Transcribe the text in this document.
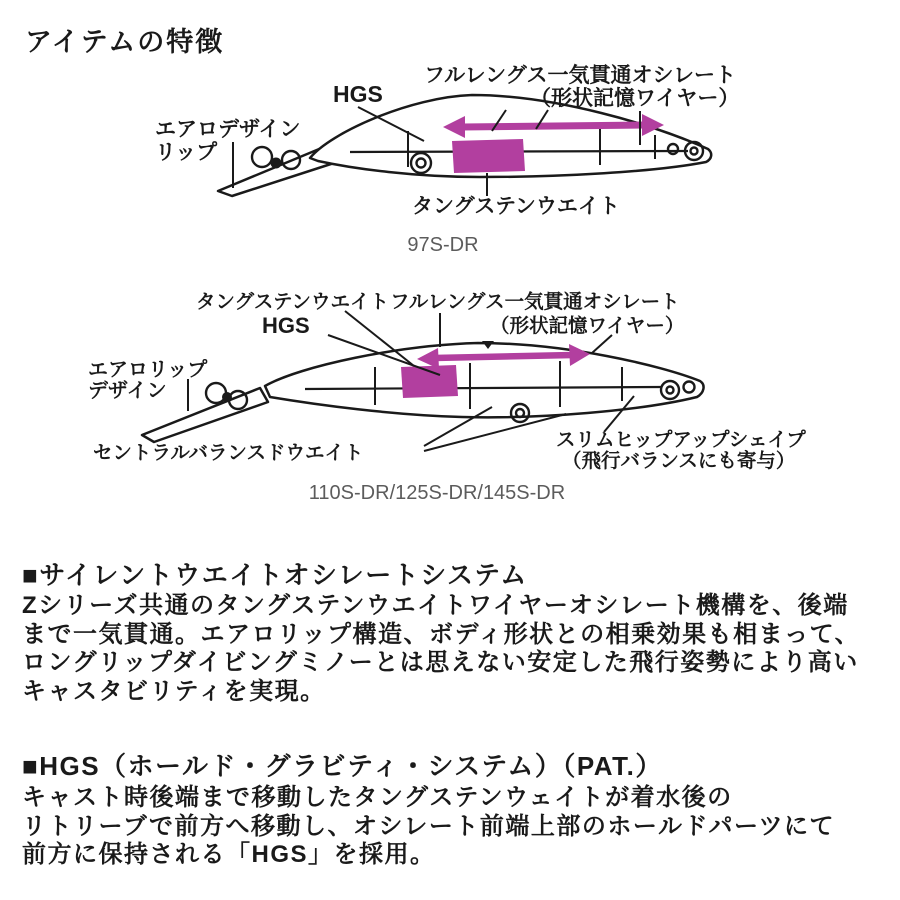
アイテムの特徴
フルレングス一気貫通オシレート
（形状記憶ワイヤー）
HGS
エアロデザイン
リップ
タングステンウエイト
97S-DR
タングステンウエイト フルレングス一気貫通オシレート
HGS	（形状記憶ワイヤー）
エアロリップ
デザイン
セントラルバランスドウエイト
スリムヒップアップシェイプ
（飛行バランスにも寄与）
110S-DR/125S-DR/145S-DR
■サイレントウエイトオシレートシステム
Zシリーズ共通のタングステンウエイトワイヤーオシレート機構を、後端
まで一気貫通。エアロリップ構造、ボディ形状との相乗効果も相まって、
ロングリップダイビングミノーとは思えない安定した飛行姿勢により高い
キャスタビリティを実現。
■HGS（ホールド・グラビティ・システム）（PAT.）
キャスト時後端まで移動したタングステンウェイトが着水後の
リトリーブで前方へ移動し、オシレート前端上部のホールドパーツにて
前方に保持される「HGS」を採用。
